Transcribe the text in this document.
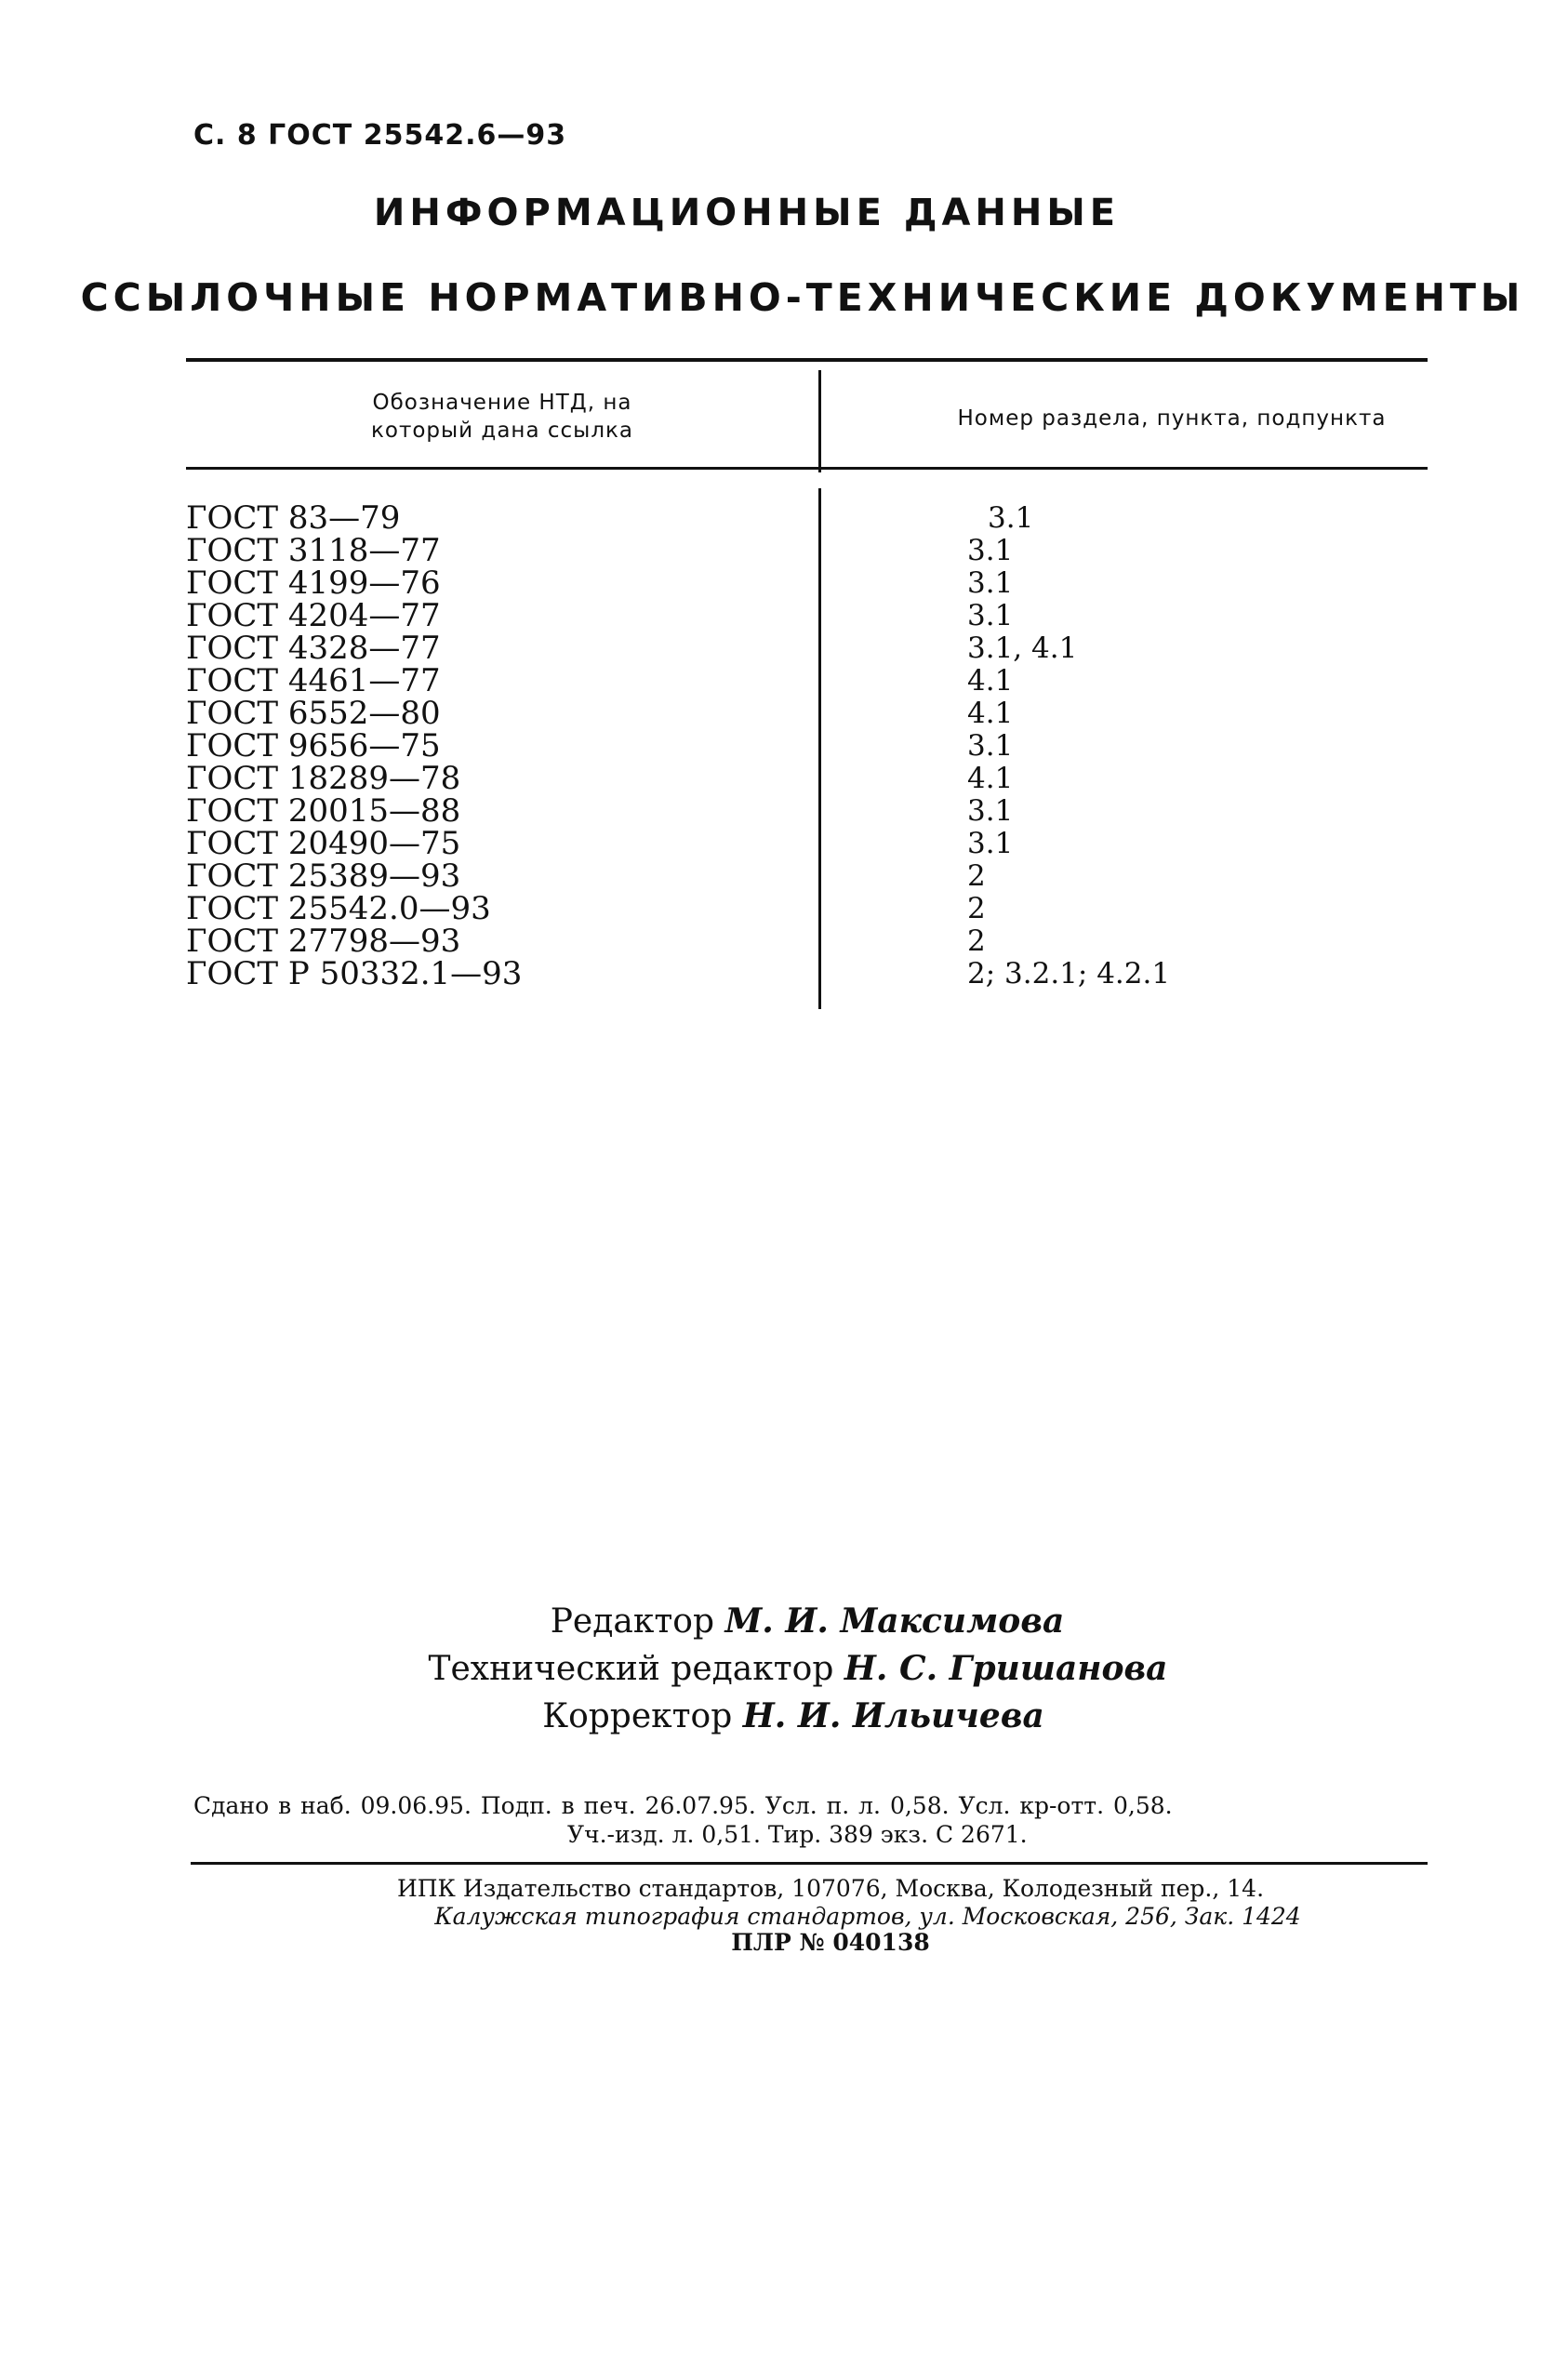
С. 8 ГОСТ 25542.6—93
ИНФОРМАЦИОННЫЕ ДАННЫЕ
ССЫЛОЧНЫЕ НОРМАТИВНО-ТЕХНИЧЕСКИЕ ДОКУМЕНТЫ
Обозначение НТД, на
который дана ссылка	Номер раздела, пункта, подпункта
ГОСТ 83—79
ГОСТ 3118—77
ГОСТ 4199—76
ГОСТ 4204—77
ГОСТ 4328—77
ГОСТ 4461—77
ГОСТ 6552—80
ГОСТ 9656—75
ГОСТ 18289—78
ГОСТ 20015—88
ГОСТ 20490—75
ГОСТ 25389—93
ГОСТ 25542.0—93
ГОСТ 27798—93
ГОСТ Р 50332.1—93
3.1
3.1
3.1
3.1
3.1, 4.1
4.1
4.1
3.1
4.1
3.1
3.1
2
2
2
2; 3.2.1; 4.2.1
Редактор М. И. Максимова
Технический редактор Н. С. Гришанова
Корректор Н. И. Ильичева
Сдано в наб. 09.06.95. Подп. в печ. 26.07.95. Усл. п. л. 0,58. Усл. кр-отт. 0,58.
Уч.-изд. л. 0,51. Тир. 389 экз. С 2671.
ИПК Издательство стандартов, 107076, Москва, Колодезный пер., 14.
Калужская типография стандартов, ул. Московская, 256, Зак. 1424
ПЛР № 040138
